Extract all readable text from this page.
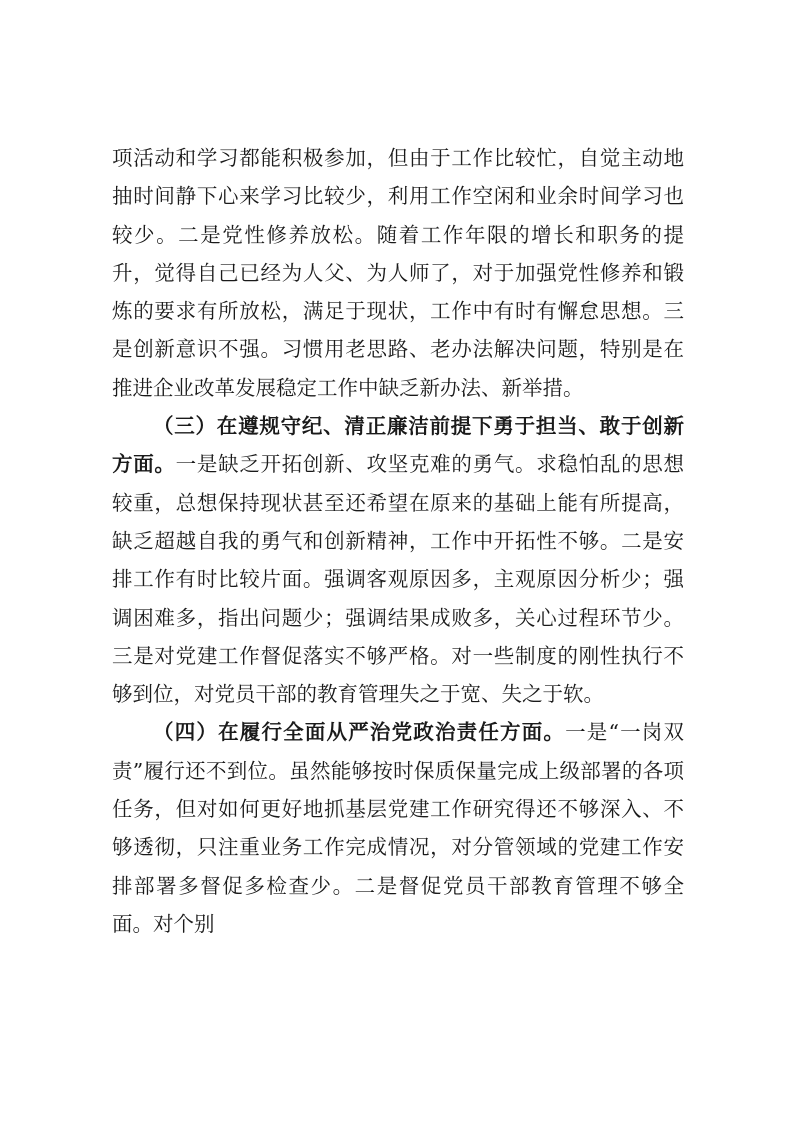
项活动和学习都能积极参加，但由于工作比较忙，自觉主动地抽时间静下心来学习比较少，利用工作空闲和业余时间学习也较少。二是党性修养放松。随着工作年限的增长和职务的提升，觉得自己已经为人父、为人师了，对于加强党性修养和锻炼的要求有所放松，满足于现状，工作中有时有懈怠思想。三是创新意识不强。习惯用老思路、老办法解决问题，特别是在推进企业改革发展稳定工作中缺乏新办法、新举措。

（三）在遵规守纪、清正廉洁前提下勇于担当、敢于创新方面。一是缺乏开拓创新、攻坚克难的勇气。求稳怕乱的思想较重，总想保持现状甚至还希望在原来的基础上能有所提高，缺乏超越自我的勇气和创新精神，工作中开拓性不够。二是安排工作有时比较片面。强调客观原因多，主观原因分析少；强调困难多，指出问题少；强调结果成败多，关心过程环节少。三是对党建工作督促落实不够严格。对一些制度的刚性执行不够到位，对党员干部的教育管理失之于宽、失之于软。

（四）在履行全面从严治党政治责任方面。一是“一岗双责”履行还不到位。虽然能够按时保质保量完成上级部署的各项任务，但对如何更好地抓基层党建工作研究得还不够深入、不够透彻，只注重业务工作完成情况，对分管领域的党建工作安排部署多督促多检查少。二是督促党员干部教育管理不够全面。对个别
